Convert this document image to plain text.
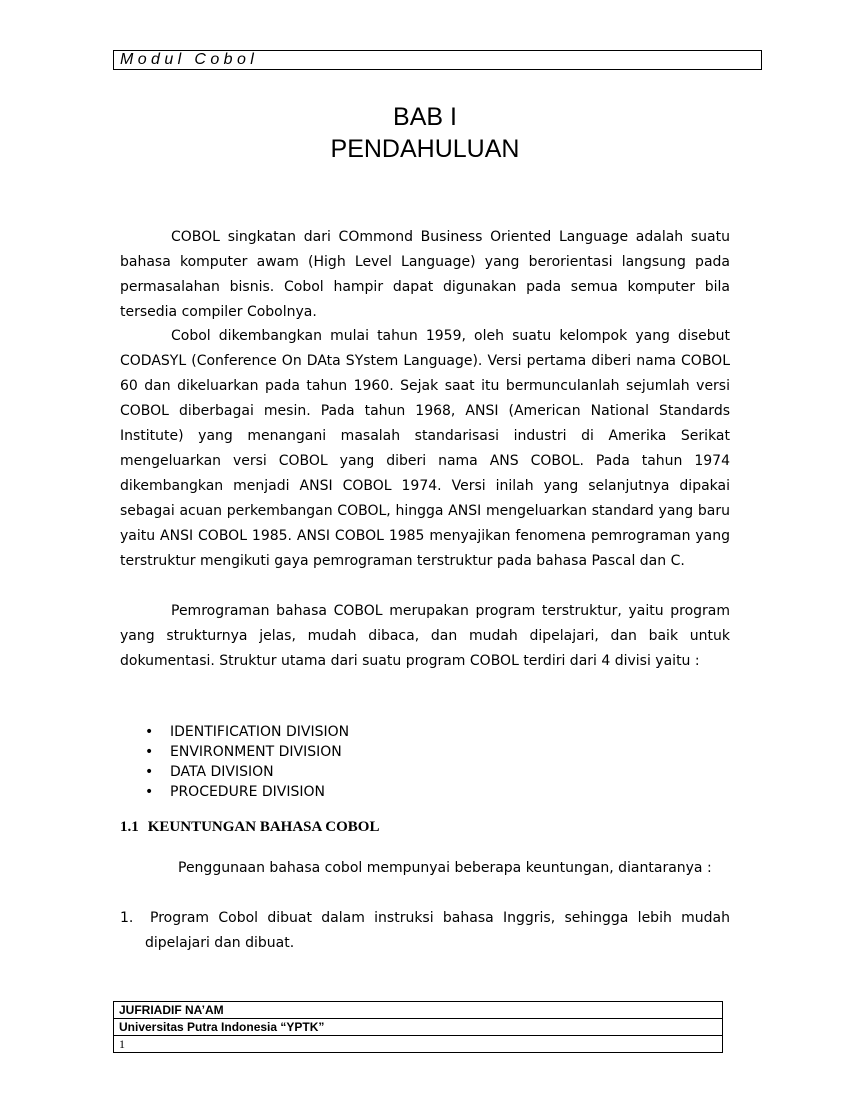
Modul Cobol
BAB I
PENDAHULUAN

COBOL singkatan dari COmmond Business Oriented Language adalah suatu bahasa komputer awam (High Level Language) yang berorientasi langsung pada permasalahan bisnis. Cobol hampir dapat digunakan pada semua komputer bila tersedia compiler Cobolnya.

Cobol dikembangkan mulai tahun 1959, oleh suatu kelompok yang disebut CODASYL (Conference On DAta SYstem Language). Versi pertama diberi nama COBOL 60 dan dikeluarkan pada tahun 1960. Sejak saat itu bermunculanlah sejumlah versi COBOL diberbagai mesin. Pada tahun 1968, ANSI (American National Standards Institute) yang menangani masalah standarisasi industri di Amerika Serikat mengeluarkan versi COBOL yang diberi nama ANS COBOL. Pada tahun 1974 dikembangkan menjadi ANSI COBOL 1974. Versi inilah yang selanjutnya dipakai sebagai acuan perkembangan COBOL, hingga ANSI mengeluarkan standard yang baru yaitu ANSI COBOL 1985. ANSI COBOL 1985 menyajikan fenomena pemrograman yang terstruktur mengikuti gaya pemrograman terstruktur pada bahasa Pascal dan C.

Pemrograman bahasa COBOL merupakan program terstruktur, yaitu program yang strukturnya jelas, mudah dibaca, dan mudah dipelajari, dan baik untuk dokumentasi. Struktur utama dari suatu program COBOL terdiri dari 4 divisi yaitu :

• IDENTIFICATION DIVISION
• ENVIRONMENT DIVISION
• DATA DIVISION
• PROCEDURE DIVISION
1.1 KEUNTUNGAN BAHASA COBOL

Penggunaan bahasa cobol mempunyai beberapa keuntungan, diantaranya :

1. Program Cobol dibuat dalam instruksi bahasa Inggris, sehingga lebih mudah
dipelajari dan dibuat.
JUFRIADIF NA’AM
Universitas Putra Indonesia “YPTK”
1
